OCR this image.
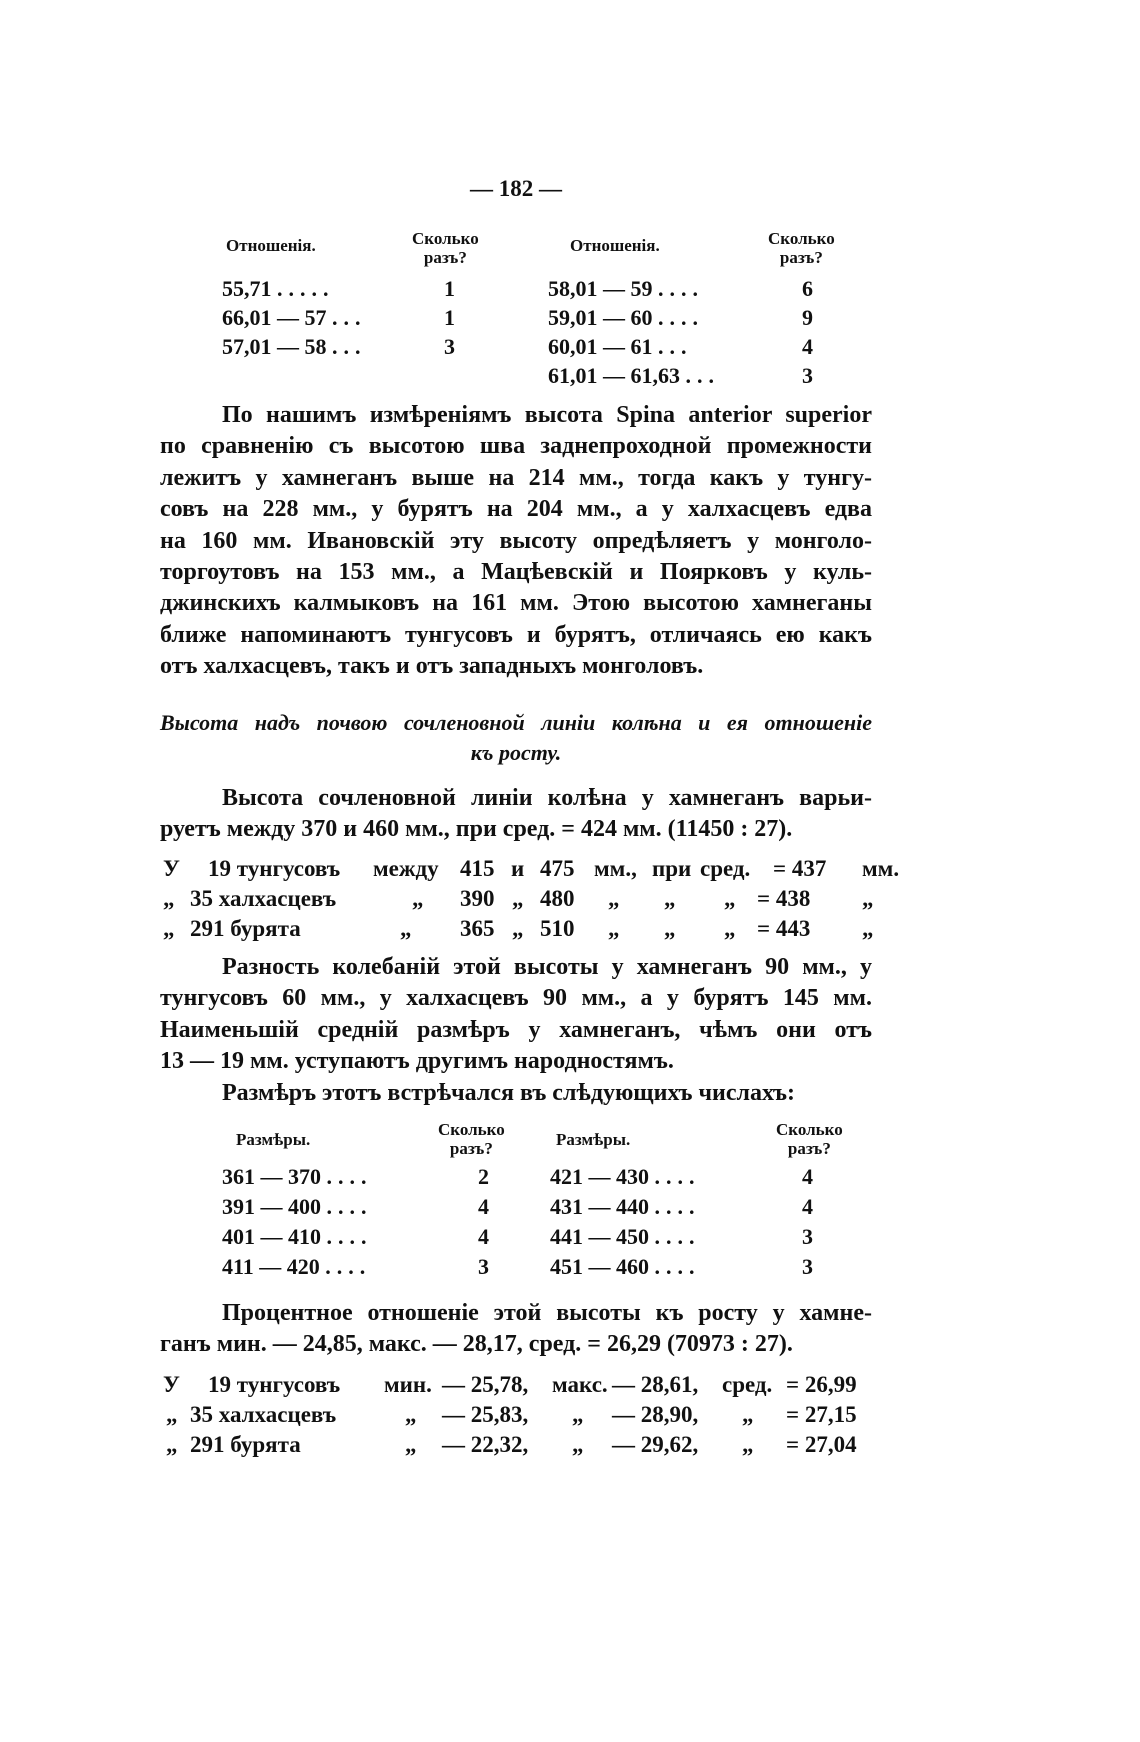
— 182 —
Отношенія.	Сколько
разъ?
Отношенія.	Сколько
разъ?
55,71 .....	1
66,01 — 57 ...	1
57,01 — 58 ...	3
58,01 — 59 ....	6
59,01 — 60 ....	9
60,01 — 61 ...	4
61,01 — 61,63 ...	3
По нашимъ измѣреніямъ высота Spina anterior superior
по сравненію съ высотою шва заднепроходной промежности
лежитъ у хамнеганъ выше на 214 мм., тогда какъ у тунгу-
совъ на 228 мм., у бурятъ на 204 мм., а у халхасцевъ едва
на 160 мм. Ивановскій эту высоту опредѣляетъ у монголо-
торгоутовъ на 153 мм., а Мацѣевскій и Поярковъ у куль-
джинскихъ калмыковъ на 161 мм. Этою высотою хамнеганы
ближе напоминаютъ тунгусовъ и бурятъ, отличаясь ею какъ
отъ халхасцевъ, такъ и отъ западныхъ монголовъ.
Высота надъ почвою сочленовной линіи колѣна и ея отношеніе
къ росту.
Высота сочленовной линіи колѣна у хамнеганъ варьи-
руетъ между 370 и 460 мм., при сред. = 424 мм. (11450 : 27).
У 19 тунгусовъ между 415 и 475 мм., при сред. = 437 мм.
„ 35 халхасцевъ	„ 390 „ 480 „ „ „ = 438 „
„ 291 бурята	„ 365 „ 510 „ „ „ = 443 „
Разность колебаній этой высоты у хамнеганъ 90 мм., у
тунгусовъ 60 мм., у халхасцевъ 90 мм., а у бурятъ 145 мм.
Наименьшій средній размѣръ у хамнеганъ, чѣмъ они отъ
13 — 19 мм. уступаютъ другимъ народностямъ.
Размѣръ этотъ встрѣчался въ слѣдующихъ числахъ:
Размѣры.
Сколько
разъ?	Размѣры.
Сколько
разъ?
361 — 370 ....	2
391 — 400 ....	4
401 — 410 ....	4
411 — 420 ....	3
421 — 430 ....	4
431 — 440 ....	4
441 — 450 ....	3
451 — 460 ....	3
Процентное отношеніе этой высоты къ росту у хамне-
ганъ мин. — 24,85, макс. — 28,17, сред. = 26,29 (70973 : 27).
У 19 тунгусовъ мин. — 25,78, макс. — 28,61, сред. = 26,99
„ 35 халхасцевъ	„ — 25,83, „ — 28,90, „ = 27,15
„ 291 бурята	„ — 22,32, „ — 29,62, „ = 27,04
